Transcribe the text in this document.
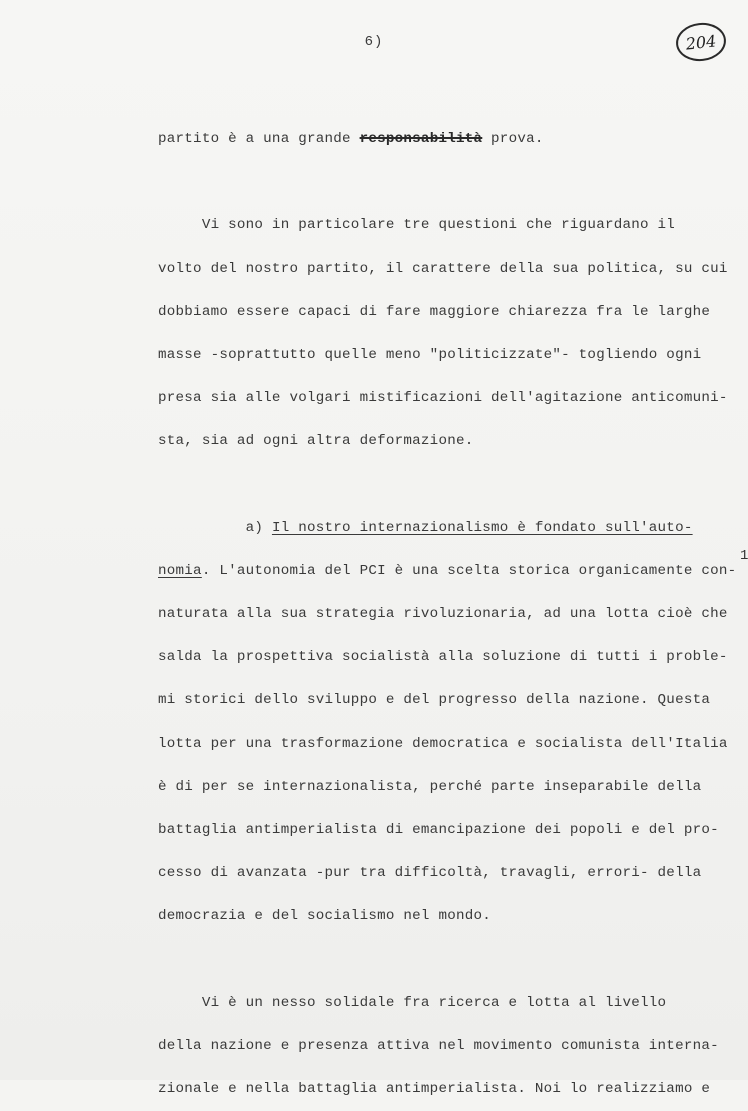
6)	204
partito è a una grande responsabilità prova.
Vi sono in particolare tre questioni che riguardano il
volto del nostro partito, il carattere della sua politica, su cui
dobbiamo essere capaci di fare maggiore chiarezza fra le larghe
masse -soprattutto quelle meno "politicizzate"- togliendo ogni
presa sia alle volgari mistificazioni dell'agitazione anticomuni-
sta, sia ad ogni altra deformazione.
a) Il nostro internazionalismo è fondato sull'auto-
nomia. L'autonomia del PCI è una scelta storica organicamente con-
naturata alla sua strategia rivoluzionaria, ad una lotta cioè che
salda la prospettiva socialistà alla soluzione di tutti i proble-
mi storici dello sviluppo e del progresso della nazione. Questa
lotta per una trasformazione democratica e socialista dell'Italia
è di per se internazionalista, perché parte inseparabile della
battaglia antimperialista di emancipazione dei popoli e del pro-
cesso di avanzata -pur tra difficoltà, travagli, errori- della
democrazia e del socialismo nel mondo.
Vi è un nesso solidale fra ricerca e lotta al livello
della nazione e presenza attiva nel movimento comunista interna-
zionale e nella battaglia antimperialista. Noi lo realizziamo e
1
